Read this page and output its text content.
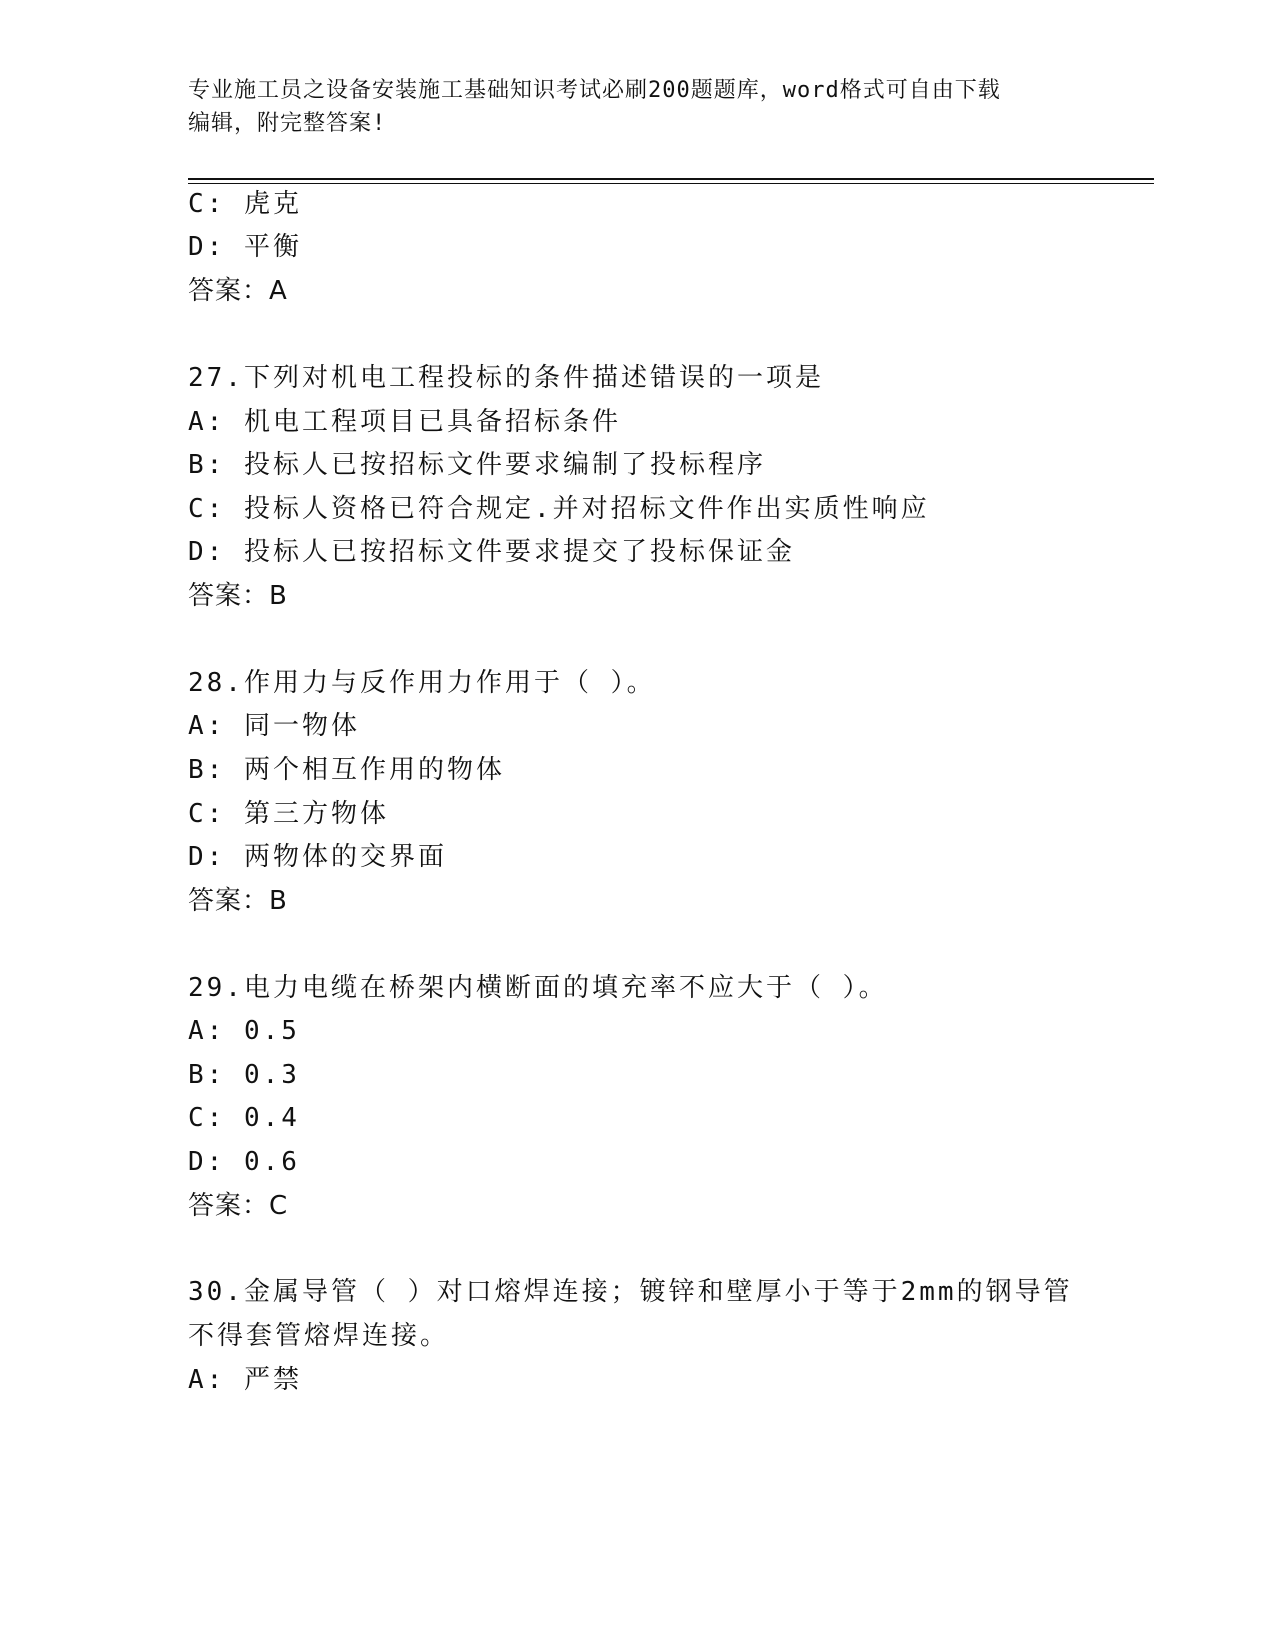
专业施工员之设备安装施工基础知识考试必刷200题题库，word格式可自由下载
编辑，附完整答案!
C: 虎克
D: 平衡
答案：A
27.下列对机电工程投标的条件描述错误的一项是
A: 机电工程项目已具备招标条件
B: 投标人已按招标文件要求编制了投标程序
C: 投标人资格已符合规定.并对招标文件作出实质性响应
D: 投标人已按招标文件要求提交了投标保证金
答案：B
28.作用力与反作用力作用于（ ）。
A: 同一物体
B: 两个相互作用的物体
C: 第三方物体
D: 两物体的交界面
答案：B
29.电力电缆在桥架内横断面的填充率不应大于（ ）。
A: 0.5
B: 0.3
C: 0.4
D: 0.6
答案：C
30.金属导管（ ）对口熔焊连接；镀锌和壁厚小于等于2mm的钢导管
不得套管熔焊连接。
A: 严禁
